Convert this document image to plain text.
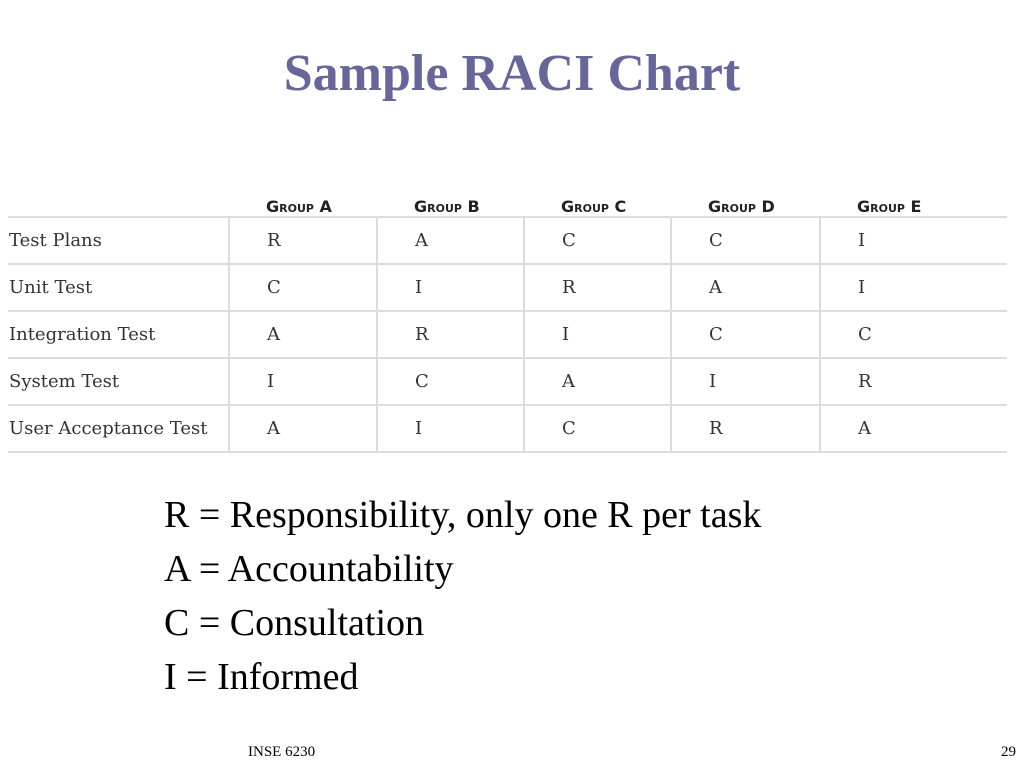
Sample RACI Chart
	Group A	Group B	Group C	Group D	Group E
Test Plans	R	A	C	C	I
Unit Test	C	I	R	A	I
Integration Test	A	R	I	C	C
System Test	I	C	A	I	R
User Acceptance Test	A	I	C	R	A
R = Responsibility, only one R per task
A = Accountability
C = Consultation
I = Informed
INSE 6230	29
